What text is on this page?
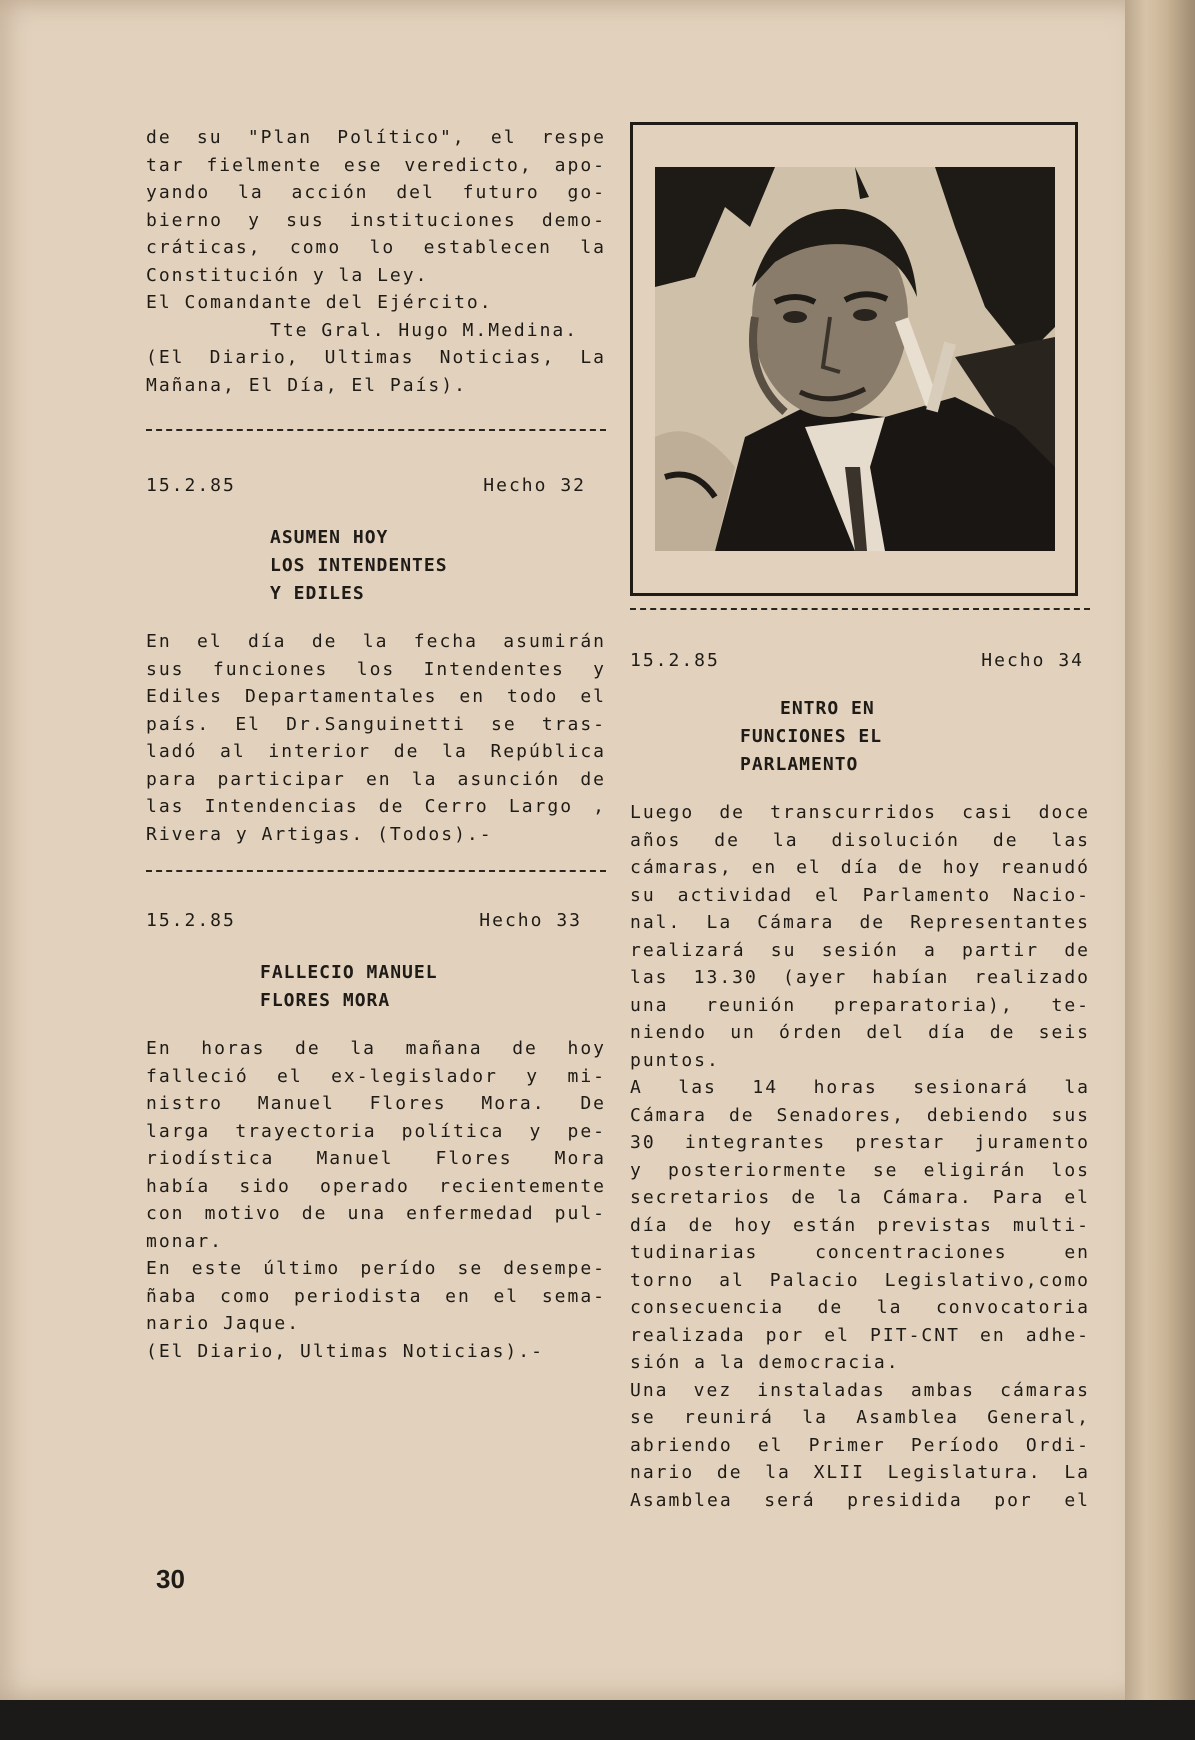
de su "Plan Político", el respe
tar fielmente ese veredicto, apo-
yando la acción del futuro go-
bierno y sus instituciones demo-
cráticas, como lo establecen la
Constitución y la Ley.
El Comandante del Ejército.
Tte Gral. Hugo M.Medina.
(El Diario, Ultimas Noticias, La
Mañana, El Día, El País).
15.2.85	Hecho 32
ASUMEN HOY
LOS INTENDENTES
Y EDILES
En el día de la fecha asumirán
sus funciones los Intendentes y
Ediles Departamentales en todo el
país. El Dr.Sanguinetti se tras-
ladó al interior de la República
para participar en la asunción de
las Intendencias de Cerro Largo ,
Rivera y Artigas. (Todos).-
15.2.85	Hecho 33
FALLECIO MANUEL
FLORES MORA
En horas de la mañana de hoy
falleció el ex-legislador y mi-
nistro Manuel Flores Mora. De
larga trayectoria política y pe-
riodística Manuel Flores Mora
había sido operado recientemente
con motivo de una enfermedad pul-
monar.
En este último perído se desempe-
ñaba como periodista en el sema-
nario Jaque.
(El Diario, Ultimas Noticias).-
15.2.85	Hecho 34
ENTRO EN
FUNCIONES EL
PARLAMENTO
Luego de transcurridos casi doce
años de la disolución de las
cámaras, en el día de hoy reanudó
su actividad el Parlamento Nacio-
nal. La Cámara de Representantes
realizará su sesión a partir de
las 13.30 (ayer habían realizado
una reunión preparatoria), te-
niendo un órden del día de seis
puntos.
A las 14 horas sesionará la
Cámara de Senadores, debiendo sus
30 integrantes prestar juramento
y posteriormente se eligirán los
secretarios de la Cámara. Para el
día de hoy están previstas multi-
tudinarias concentraciones en
torno al Palacio Legislativo,como
consecuencia de la convocatoria
realizada por el PIT-CNT en adhe-
sión a la democracia.
Una vez instaladas ambas cámaras
se reunirá la Asamblea General,
abriendo el Primer Período Ordi-
nario de la XLII Legislatura. La
Asamblea será presidida por el
30
